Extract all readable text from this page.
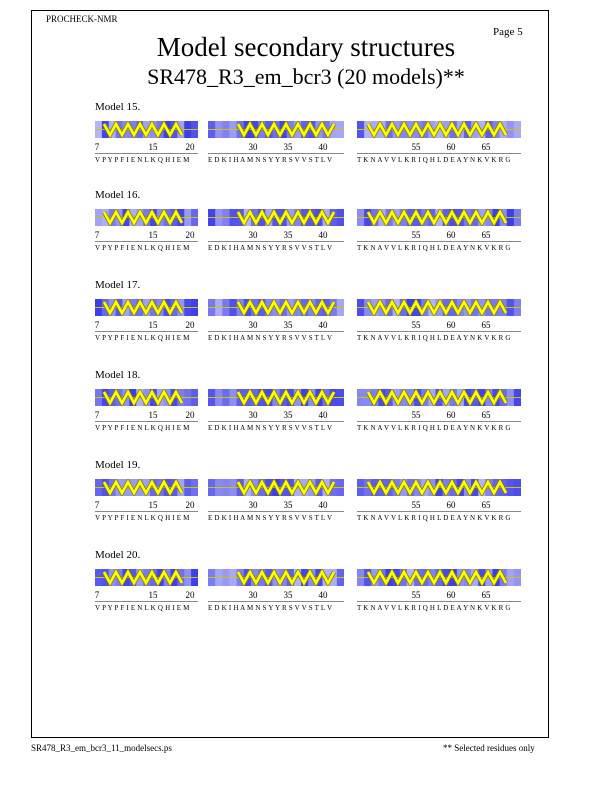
PROCHECK-NMR
Page 5
Model secondary structures
SR478_R3_em_bcr3 (20 models)**
Model 15.
7	15	20
V P Y P F I E N L K Q H I E M
30	35	40
E D K I H A M N S Y Y R S V V S T L V
55	60	65
T K N A V V L K R I Q H L D E A Y N K V K R G
Model 16.
7	15	20
V P Y P F I E N L K Q H I E M
30	35	40
E D K I H A M N S Y Y R S V V S T L V
55	60	65
T K N A V V L K R I Q H L D E A Y N K V K R G
Model 17.
7	15	20
V P Y P F I E N L K Q H I E M
30	35	40
E D K I H A M N S Y Y R S V V S T L V
55	60	65
T K N A V V L K R I Q H L D E A Y N K V K R G
Model 18.
7	15	20
V P Y P F I E N L K Q H I E M
30	35	40
E D K I H A M N S Y Y R S V V S T L V
55	60	65
T K N A V V L K R I Q H L D E A Y N K V K R G
Model 19.
7	15	20
V P Y P F I E N L K Q H I E M
30	35	40
E D K I H A M N S Y Y R S V V S T L V
55	60	65
T K N A V V L K R I Q H L D E A Y N K V K R G
Model 20.
7	15	20
V P Y P F I E N L K Q H I E M
30	35	40
E D K I H A M N S Y Y R S V V S T L V
55	60	65
T K N A V V L K R I Q H L D E A Y N K V K R G
SR478_R3_em_bcr3_11_modelsecs.ps	** Selected residues only
